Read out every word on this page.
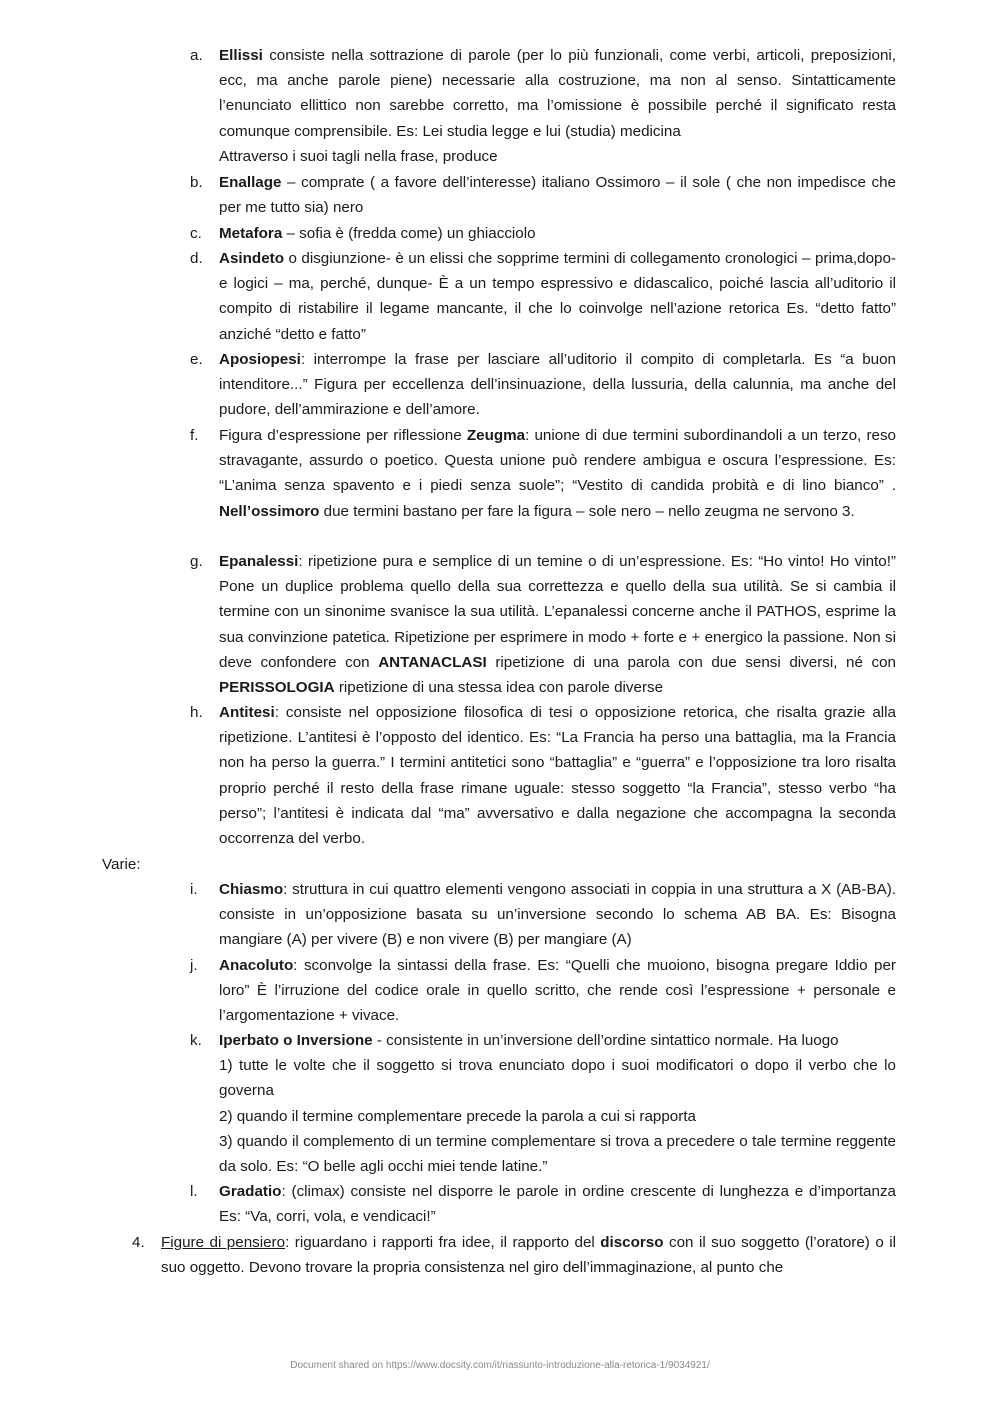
a.	Ellissi consiste nella sottrazione di parole (per lo più funzionali, come verbi, articoli, preposizioni, ecc, ma anche parole piene) necessarie alla costruzione, ma non al senso. Sintatticamente l’enunciato ellittico non sarebbe corretto, ma l’omissione è possibile perché il significato resta comunque comprensibile. Es: Lei studia legge e lui (studia) medicina
Attraverso i suoi tagli nella frase, produce
b.	Enallage – comprate ( a favore dell’interesse) italiano Ossimoro – il sole ( che non impedisce che per me tutto sia) nero
c.	Metafora – sofia è (fredda come) un ghiacciolo
d.	Asindeto o disgiunzione- è un elissi che sopprime termini di collegamento cronologici – prima,dopo- e logici – ma, perché, dunque- È a un tempo espressivo e didascalico, poiché lascia all’uditorio il compito di ristabilire il legame mancante, il che lo coinvolge nell’azione retorica Es. “detto fatto” anziché “detto e fatto”
e.	Aposiopesi: interrompe la frase per lasciare all’uditorio il compito di completarla. Es “a buon intenditore...” Figura per eccellenza dell’insinuazione, della lussuria, della calunnia, ma anche del pudore, dell’ammirazione e dell’amore.
f.	Figura d’espressione per riflessione Zeugma: unione di due termini subordinandoli a un terzo, reso stravagante, assurdo o poetico. Questa unione può rendere ambigua e oscura l’espressione. Es: “L’anima senza spavento e i piedi senza suole”; “Vestito di candida probità e di lino bianco” . Nell’ossimoro due termini bastano per fare la figura – sole nero – nello zeugma ne servono 3.
g.	Epanalessi: ripetizione pura e semplice di un temine o di un’espressione. Es: “Ho vinto! Ho vinto!” Pone un duplice problema quello della sua correttezza e quello della sua utilità. Se si cambia il termine con un sinonime svanisce la sua utilità. L’epanalessi concerne anche il PATHOS, esprime la sua convinzione patetica. Ripetizione per esprimere in modo + forte e + energico la passione. Non si deve confondere con ANTANACLASI ripetizione di una parola con due sensi diversi, né con PERISSOLOGIA ripetizione di una stessa idea con parole diverse
h.	Antitesi: consiste nel opposizione filosofica di tesi o opposizione retorica, che risalta grazie alla ripetizione. L’antitesi è l’opposto del identico. Es: “La Francia ha perso una battaglia, ma la Francia non ha perso la guerra.” I termini antitetici sono “battaglia” e “guerra” e l’opposizione tra loro risalta proprio perché il resto della frase rimane uguale: stesso soggetto “la Francia”, stesso verbo “ha perso”; l’antitesi è indicata dal “ma” avversativo e dalla negazione che accompagna la seconda occorrenza del verbo.
Varie:
i.	Chiasmo: struttura in cui quattro elementi vengono associati in coppia in una struttura a X (AB-BA). consiste in un’opposizione basata su un’inversione secondo lo schema AB BA. Es: Bisogna mangiare (A) per vivere (B) e non vivere (B) per mangiare (A)
j.	Anacoluto: sconvolge la sintassi della frase. Es: “Quelli che muoiono, bisogna pregare Iddio per loro” È l’irruzione del codice orale in quello scritto, che rende così l’espressione + personale e l’argomentazione + vivace.
k.	Iperbato o Inversione - consistente in un’inversione dell’ordine sintattico normale. Ha luogo
1) tutte le volte che il soggetto si trova enunciato dopo i suoi modificatori o dopo il verbo che lo governa
2) quando il termine complementare precede la parola a cui si rapporta
3) quando il complemento di un termine complementare si trova a precedere o tale termine reggente da solo. Es: “O belle agli occhi miei tende latine.”
l.	Gradatio: (climax) consiste nel disporre le parole in ordine crescente di lunghezza e d’importanza Es: “Va, corri, vola, e vendicaci!”
4. Figure di pensiero: riguardano i rapporti fra idee, il rapporto del discorso con il suo soggetto (l’oratore) o il suo oggetto. Devono trovare la propria consistenza nel giro dell’immaginazione, al punto che
Document shared on https://www.docsity.com/it/riassunto-introduzione-alla-retorica-1/9034921/
